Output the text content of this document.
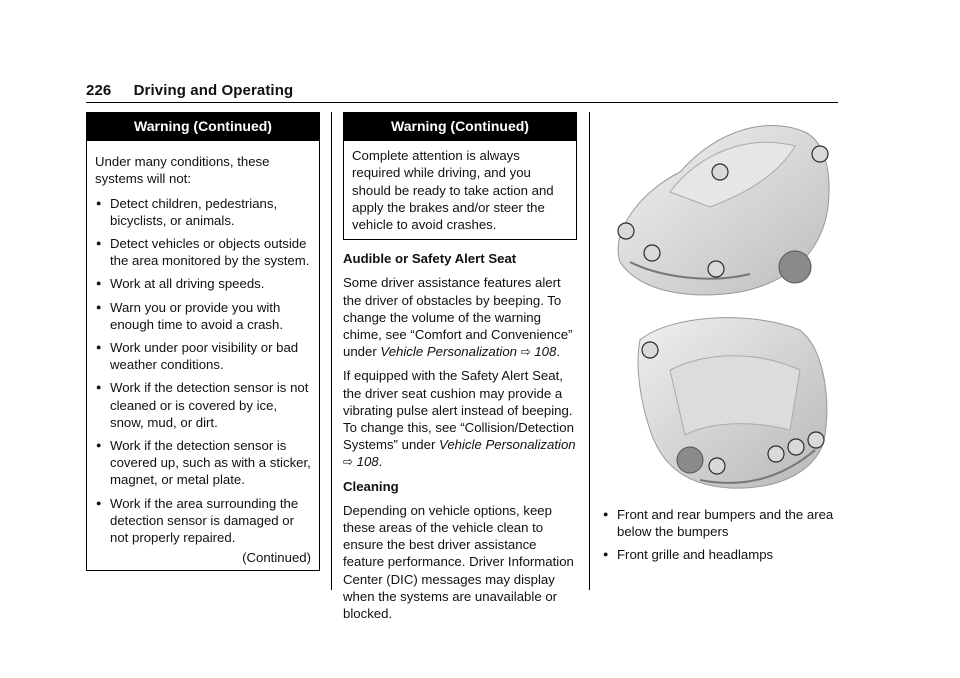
226 Driving and Operating
Warning (Continued)

Under many conditions, these systems will not:

● Detect children, pedestrians, bicyclists, or animals.
● Detect vehicles or objects outside the area monitored by the system.
● Work at all driving speeds.
● Warn you or provide you with enough time to avoid a crash.
● Work under poor visibility or bad weather conditions.
● Work if the detection sensor is not cleaned or is covered by ice, snow, mud, or dirt.
● Work if the detection sensor is covered up, such as with a sticker, magnet, or metal plate.
● Work if the area surrounding the detection sensor is damaged or not properly repaired.
(Continued)
Warning (Continued)
Complete attention is always required while driving, and you should be ready to take action and apply the brakes and/or steer the vehicle to avoid crashes.
Audible or Safety Alert Seat

Some driver assistance features alert the driver of obstacles by beeping. To change the volume of the warning chime, see “Comfort and Convenience” under Vehicle Personalization ⇨ 108.

If equipped with the Safety Alert Seat, the driver seat cushion may provide a vibrating pulse alert instead of beeping. To change this, see “Collision/Detection Systems” under Vehicle Personalization ⇨ 108.

Cleaning

Depending on vehicle options, keep these areas of the vehicle clean to ensure the best driver assistance feature performance. Driver Information Center (DIC) messages may display when the systems are unavailable or blocked.

● Front and rear bumpers and the area below the bumpers
● Front grille and headlamps
